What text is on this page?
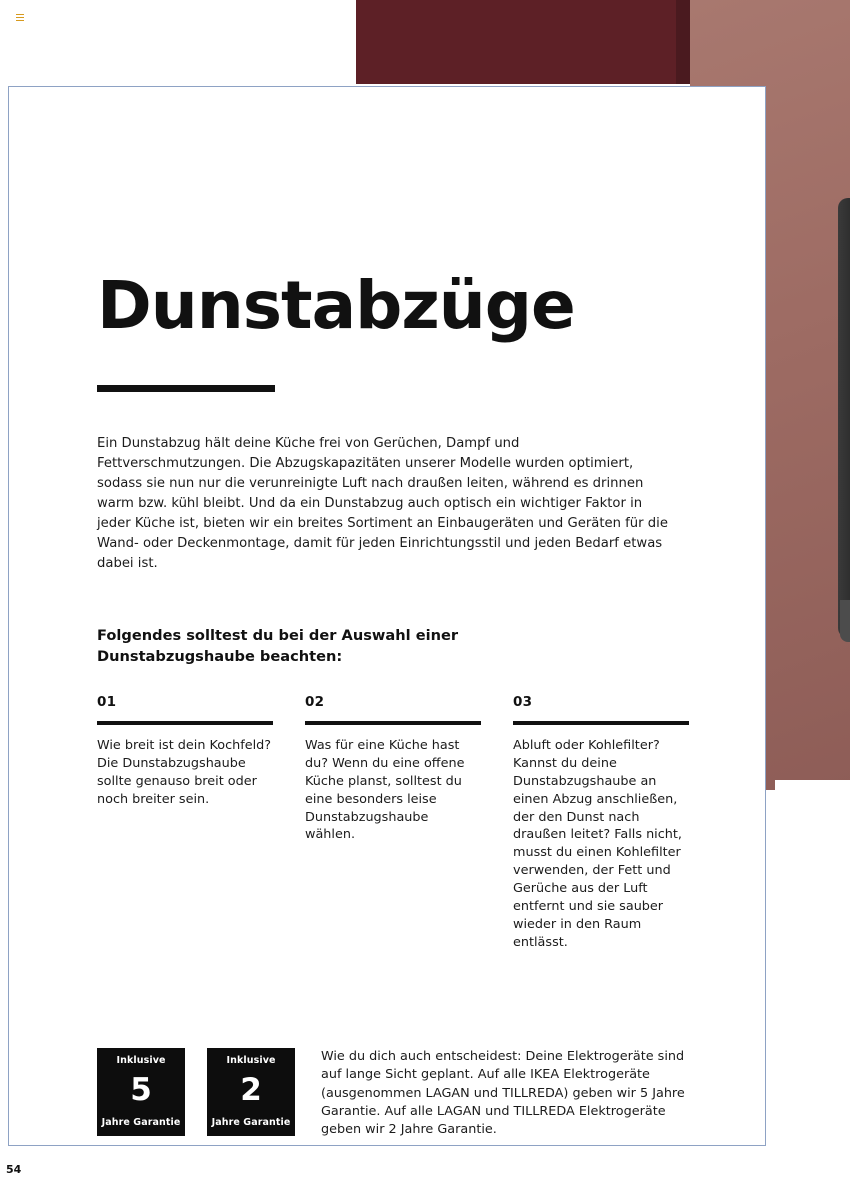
Dunstabzüge

Ein Dunstabzug hält deine Küche frei von Gerüchen, Dampf und Fettverschmutzungen. Die Abzugskapazitäten unserer Modelle wurden optimiert, sodass sie nun nur die verunreinigte Luft nach draußen leiten, während es drinnen warm bzw. kühl bleibt. Und da ein Dunstabzug auch optisch ein wichtiger Faktor in jeder Küche ist, bieten wir ein breites Sortiment an Einbaugeräten und Geräten für die Wand- oder Deckenmontage, damit für jeden Einrichtungsstil und jeden Bedarf etwas dabei ist.

Folgendes solltest du bei der Auswahl einer Dunstabzugshaube beachten:
01
Wie breit ist dein Kochfeld? Die Dunstabzugshaube sollte genauso breit oder noch breiter sein.
02
Was für eine Küche hast du? Wenn du eine offene Küche planst, solltest du eine besonders leise Dunstabzugshaube wählen.
03
Abluft oder Kohlefilter? Kannst du deine Dunstabzugshaube an einen Abzug anschließen, der den Dunst nach draußen leitet? Falls nicht, musst du einen Kohlefilter verwenden, der Fett und Gerüche aus der Luft entfernt und sie sauber wieder in den Raum entlässt.
Inklusive
5
Jahre Garantie
Inklusive
2
Jahre Garantie
Wie du dich auch entscheidest: Deine Elektrogeräte sind auf lange Sicht geplant. Auf alle IKEA Elektrogeräte (ausgenommen LAGAN und TILLREDA) geben wir 5 Jahre Garantie. Auf alle LAGAN und TILLREDA Elektrogeräte geben wir 2 Jahre Garantie.
54
